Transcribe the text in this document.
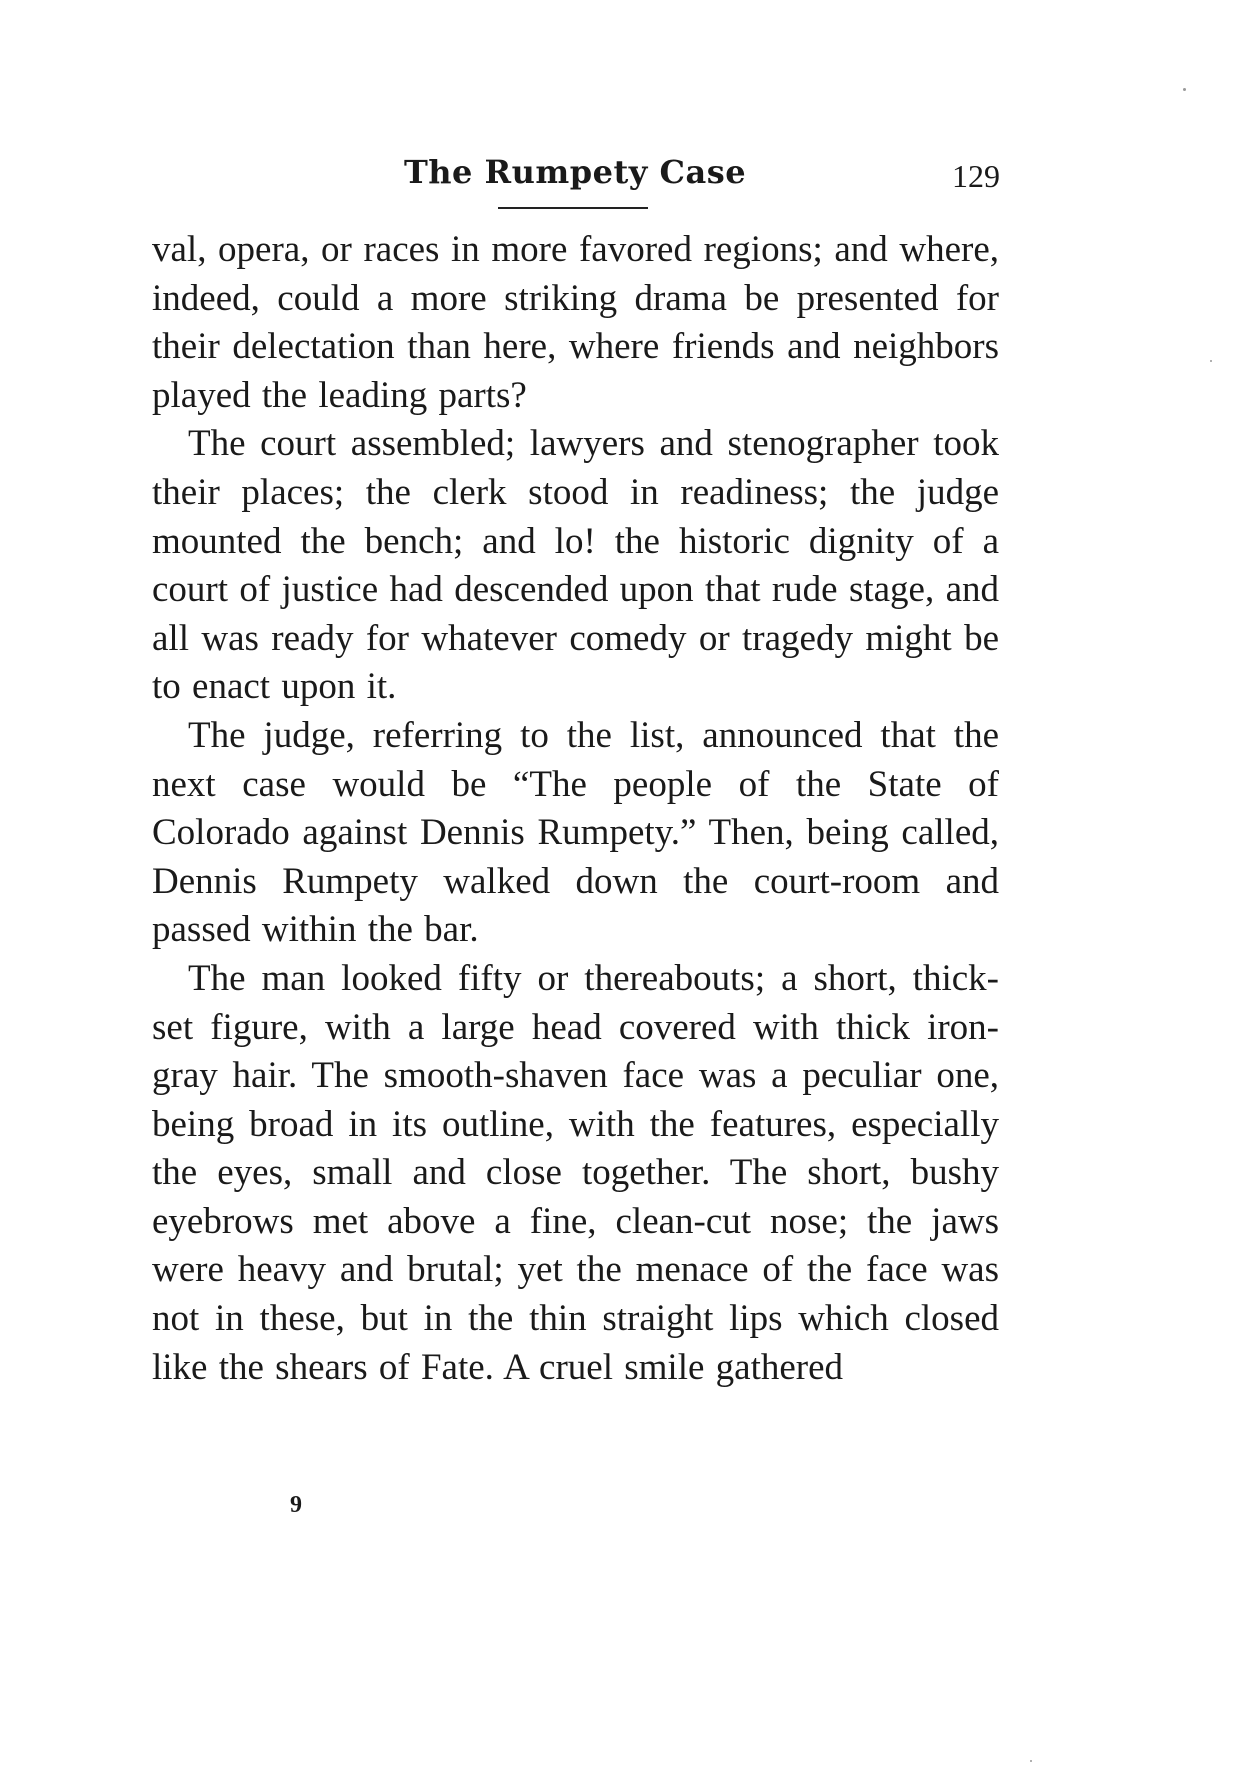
The Rumpety Case	129

val, opera, or races in more favored regions; and where, indeed, could a more striking drama be presented for their delectation than here, where friends and neighbors played the leading parts?

The court assembled; lawyers and stenographer took their places; the clerk stood in readiness; the judge mounted the bench; and lo! the historic dignity of a court of justice had descended upon that rude stage, and all was ready for whatever comedy or tragedy might be to enact upon it.

The judge, referring to the list, announced that the next case would be “The people of the State of Colorado against Dennis Rumpety.” Then, being called, Dennis Rumpety walked down the court-room and passed within the bar.

The man looked fifty or thereabouts; a short, thick-set figure, with a large head covered with thick iron-gray hair. The smooth-shaven face was a peculiar one, being broad in its outline, with the features, especially the eyes, small and close together. The short, bushy eyebrows met above a fine, clean-cut nose; the jaws were heavy and brutal; yet the menace of the face was not in these, but in the thin straight lips which closed like the shears of Fate. A cruel smile gathered

9
